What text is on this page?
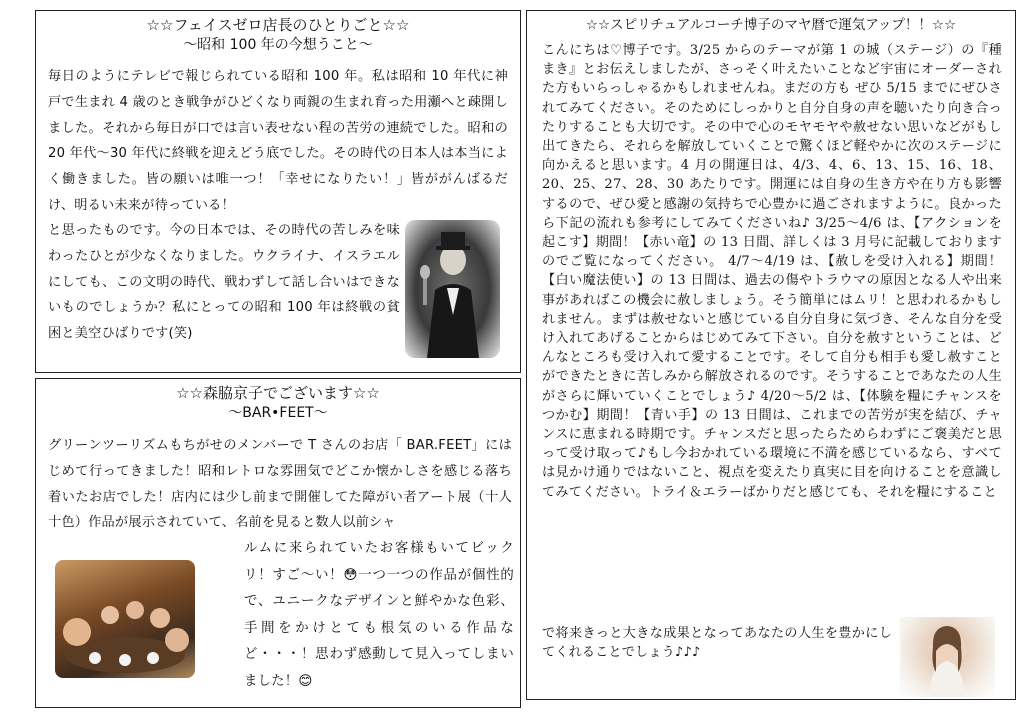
☆☆フェイスゼロ店長のひとりごと☆☆
～昭和 100 年の今想うこと～

毎日のようにテレビで報じられている昭和 100 年。私は昭和 10 年代に神戸で生まれ 4 歳のとき戦争がひどくなり両親の生まれ育った用瀬へと疎開しました。それから毎日が口では言い表せない程の苦労の連続でした。昭和の 20 年代～30 年代に終戦を迎えどう底でした。その時代の日本人は本当によく働きました。皆の願いは唯一つ！「幸せになりたい！」皆ががんばるだけ、明るい未来が待っている！

と思ったものです。今の日本では、その時代の苦しみを味わったひとが少なくなりました。ウクライナ、イスラエルにしても、この文明の時代、戦わずして話し合いはできないものでしょうか？私にとっての昭和 100 年は終戦の貧困と美空ひばりです(笑)

☆☆森脇京子でございます☆☆
～BAR•FEET～

グリーンツーリズムもちがせのメンバーで T さんのお店「 BAR.FEET」にはじめて行ってきました！昭和レトロな雰囲気でどこか懐かしさを感じる落ち着いたお店でした！店内には少し前まで開催してた障がい者アート展（十人十色）作品が展示されていて、名前を見ると数人以前シャ

ルムに来られていたお客様もいてビックリ！すご～い！😳一つ一つの作品が個性的で、ユニークなデザインと鮮やかな色彩、手間をかけとても根気のいる作品など・・・！思わず感動して見入ってしまいました！😊

☆☆スピリチュアルコーチ博子のマヤ暦で運気アップ！！☆☆

こんにちは♡博子です。3/25 からのテーマが第 1 の城（ステージ）の『種まき』とお伝えしましたが、さっそく叶えたいことなど宇宙にオーダーされた方もいらっしゃるかもしれませんね。まだの方も ぜひ 5/15 までにぜひされてみてください。そのためにしっかりと自分自身の声を聴いたり向き合ったりすることも大切です。その中で心のモヤモヤや赦せない思いなどがもし出てきたら、それらを解放していくことで驚くほど軽やかに次のステージに向かえると思います。4 月の開運日は、4/3、4、6、13、15、16、18、20、25、27、28、30 あたりです。開運には自身の生き方や在り方も影響するので、ぜひ愛と感謝の気持ちで心豊かに過ごされますように。良かったら下記の流れも参考にしてみてくださいね♪ 3/25～4/6 は、【アクションを起こす】期間！【赤い竜】の 13 日間、詳しくは 3 月号に記載しておりますのでご覧になってください。 4/7～4/19 は、【赦しを受け入れる】期間！【白い魔法使い】の 13 日間は、過去の傷やトラウマの原因となる人や出来事があればこの機会に赦しましょう。そう簡単にはムリ！と思われるかもしれません。まずは赦せないと感じている自分自身に気づき、そんな自分を受け入れてあげることからはじめてみて下さい。自分を赦すということは、どんなところも受け入れて愛することです。そして自分も相手も愛し赦すことができたときに苦しみから解放されるのです。そうすることであなたの人生がさらに輝いていくことでしょう♪ 4/20～5/2 は、【体験を糧にチャンスをつかむ】期間！【青い手】の 13 日間は、これまでの苦労が実を結び、チャンスに恵まれる時期です。チャンスだと思ったらためらわずにご褒美だと思って受け取って♪もし今おかれている環境に不満を感じているなら、すべては見かけ通りではないこと、視点を変えたり真実に目を向けることを意識してみてください。トライ＆エラーばかりだと感じても、それを糧にすること

で将来きっと大きな成果となってあなたの人生を豊かにしてくれることでしょう♪♪♪
